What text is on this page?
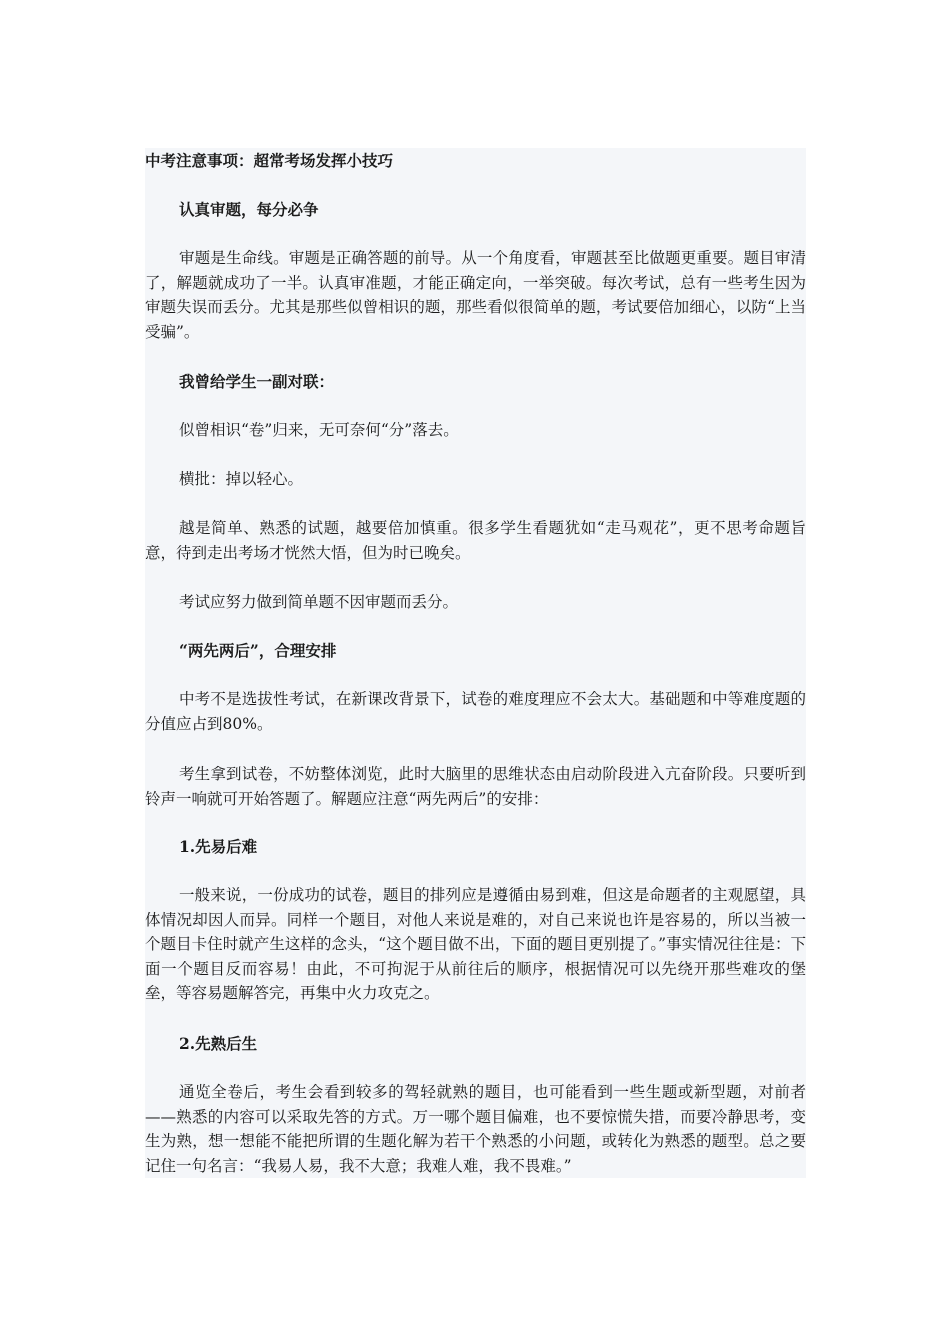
中考注意事项：超常考场发挥小技巧

认真审题，每分必争

审题是生命线。审题是正确答题的前导。从一个角度看，审题甚至比做题更重要。题目审清了，解题就成功了一半。认真审准题，才能正确定向，一举突破。每次考试，总有一些考生因为审题失误而丢分。尤其是那些似曾相识的题，那些看似很简单的题，考试要倍加细心，以防“上当受骗”。

我曾给学生一副对联：

似曾相识“卷”归来，无可奈何“分”落去。

横批：掉以轻心。

越是简单、熟悉的试题，越要倍加慎重。很多学生看题犹如“走马观花”，更不思考命题旨意，待到走出考场才恍然大悟，但为时已晚矣。

考试应努力做到简单题不因审题而丢分。

“两先两后”，合理安排

中考不是选拔性考试，在新课改背景下，试卷的难度理应不会太大。基础题和中等难度题的分值应占到80%。

考生拿到试卷，不妨整体浏览，此时大脑里的思维状态由启动阶段进入亢奋阶段。只要听到铃声一响就可开始答题了。解题应注意“两先两后”的安排：

1.先易后难

一般来说，一份成功的试卷，题目的排列应是遵循由易到难，但这是命题者的主观愿望，具体情况却因人而异。同样一个题目，对他人来说是难的，对自己来说也许是容易的，所以当被一个题目卡住时就产生这样的念头，“这个题目做不出，下面的题目更别提了。”事实情况往往是：下面一个题目反而容易！由此，不可拘泥于从前往后的顺序，根据情况可以先绕开那些难攻的堡垒，等容易题解答完，再集中火力攻克之。

2.先熟后生

通览全卷后，考生会看到较多的驾轻就熟的题目，也可能看到一些生题或新型题，对前者——熟悉的内容可以采取先答的方式。万一哪个题目偏难，也不要惊慌失措，而要冷静思考，变生为熟，想一想能不能把所谓的生题化解为若干个熟悉的小问题，或转化为熟悉的题型。总之要记住一句名言：“我易人易，我不大意；我难人难，我不畏难。”
